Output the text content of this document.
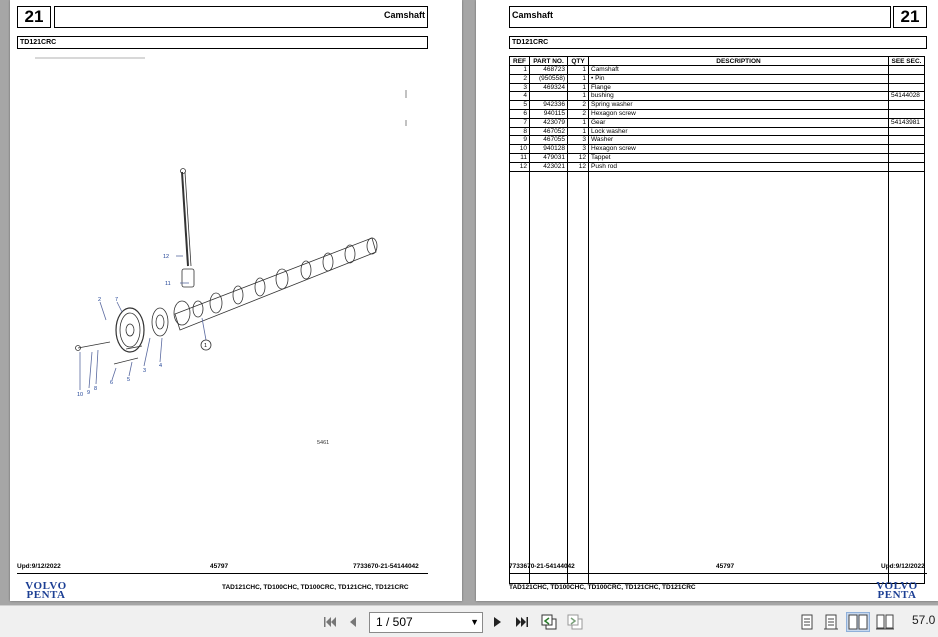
21	Camshaft
TD121CRC
12
11
2	7
1
3
4
5
6
8
9
10
5461
Upd:9/12/2022	45797	7733670-21-54144042
TAD121CHC, TD100CHC, TD100CRC, TD121CHC, TD121CRC
VOLVO
PENTA
Camshaft	21
TD121CRC
REF	PART NO.	QTY	DESCRIPTION	SEE SEC.
1	468723	1	Camshaft	
2	(950558)	1	• Pin	
3	469324	1	Flange	
4		1	bushing	54144028
5	942336	2	Spring washer	
6	940115	2	Hexagon screw	
7	423079	1	Gear	54143981
8	467052	1	Lock washer	
9	467055	3	Washer	
10	940128	3	Hexagon screw	
11	479031	12	Tappet	
12	423021	12	Push rod	

7733670-21-54144042	45797	Upd:9/12/2022
TAD121CHC, TD100CHC, TD100CRC, TD121CHC, TD121CRC	VOLVO
PENTA
1 / 507	▼	57.0
